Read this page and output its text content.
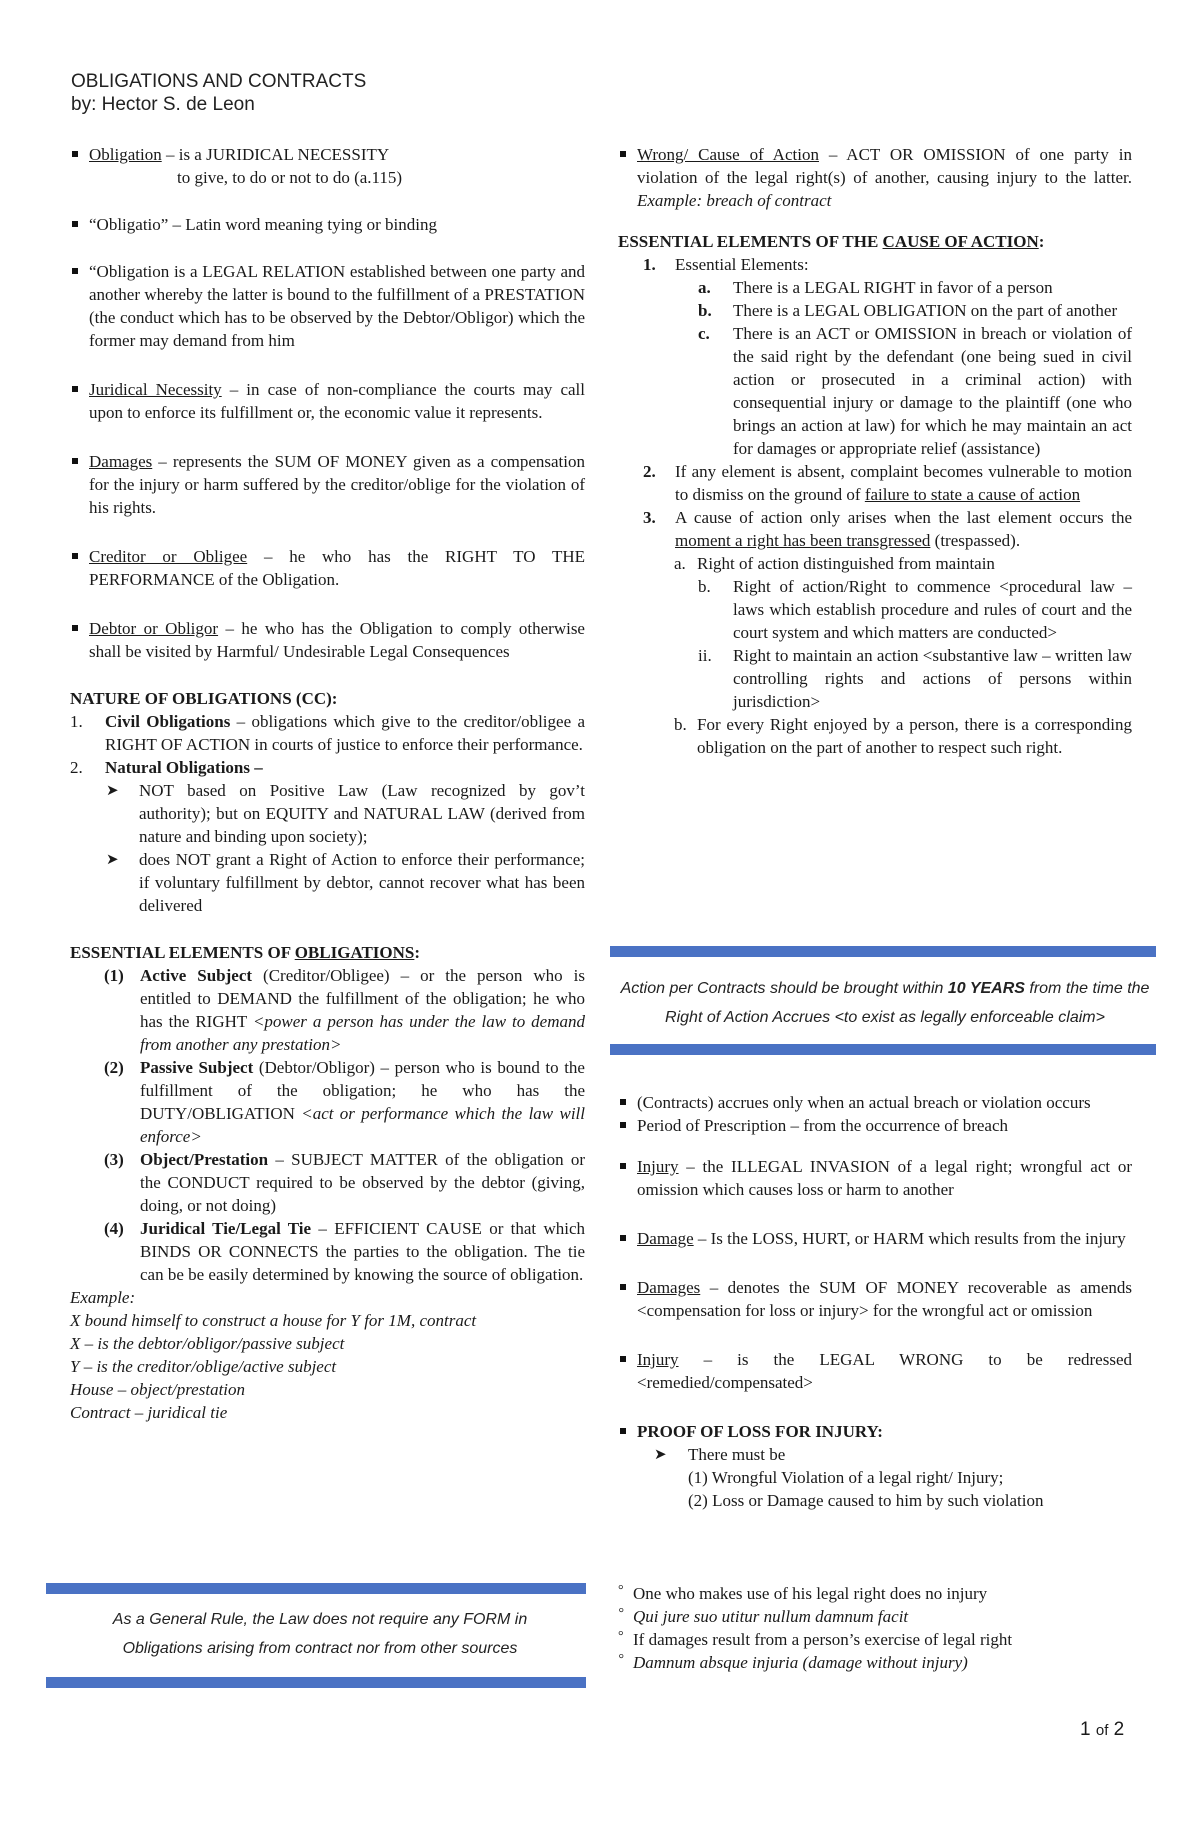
OBLIGATIONS AND CONTRACTS
by: Hector S. de Leon
Obligation – is a JURIDICAL NECESSITY
to give, to do or not to do (a.115)
“Obligatio” – Latin word meaning tying or binding
“Obligation is a LEGAL RELATION established between one party and another whereby the latter is bound to the fulfillment of a PRESTATION (the conduct which has to be observed by the Debtor/Obligor) which the former may demand from him
Juridical Necessity – in case of non-compliance the courts may call upon to enforce its fulfillment or, the economic value it represents.
Damages – represents the SUM OF MONEY given as a compensation for the injury or harm suffered by the creditor/oblige for the violation of his rights.
Creditor or Obligee – he who has the RIGHT TO THE PERFORMANCE of the Obligation.
Debtor or Obligor – he who has the Obligation to comply otherwise shall be visited by Harmful/ Undesirable Legal Consequences
NATURE OF OBLIGATIONS (CC):
1. Civil Obligations – obligations which give to the creditor/obligee a RIGHT OF ACTION in courts of justice to enforce their performance.
2. Natural Obligations –
➤ NOT based on Positive Law (Law recognized by gov’t authority); but on EQUITY and NATURAL LAW (derived from nature and binding upon society);
➤ does NOT grant a Right of Action to enforce their performance; if voluntary fulfillment by debtor, cannot recover what has been delivered
ESSENTIAL ELEMENTS OF OBLIGATIONS:
(1) Active Subject (Creditor/Obligee) – or the person who is entitled to DEMAND the fulfillment of the obligation; he who has the RIGHT <power a person has under the law to demand from another any prestation>
(2) Passive Subject (Debtor/Obligor) – person who is bound to the fulfillment of the obligation; he who has the DUTY/OBLIGATION <act or performance which the law will enforce>
(3) Object/Prestation – SUBJECT MATTER of the obligation or the CONDUCT required to be observed by the debtor (giving, doing, or not doing)
(4) Juridical Tie/Legal Tie – EFFICIENT CAUSE or that which BINDS OR CONNECTS the parties to the obligation. The tie can be be easily determined by knowing the source of obligation.
Example:
X bound himself to construct a house for Y for 1M, contract
X – is the debtor/obligor/passive subject
Y – is the creditor/oblige/active subject
House – object/prestation
Contract – juridical tie
As a General Rule, the Law does not require any FORM in Obligations arising from contract nor from other sources
Wrong/ Cause of Action – ACT OR OMISSION of one party in violation of the legal right(s) of another, causing injury to the latter. Example: breach of contract
ESSENTIAL ELEMENTS OF THE CAUSE OF ACTION:
1. Essential Elements:
a. There is a LEGAL RIGHT in favor of a person
b. There is a LEGAL OBLIGATION on the part of another
c. There is an ACT or OMISSION in breach or violation of the said right by the defendant (one being sued in civil action or prosecuted in a criminal action) with consequential injury or damage to the plaintiff (one who brings an action at law) for which he may maintain an act for damages or appropriate relief (assistance)
2. If any element is absent, complaint becomes vulnerable to motion to dismiss on the ground of failure to state a cause of action
3. A cause of action only arises when the last element occurs the moment a right has been transgressed (trespassed).
a. Right of action distinguished from maintain
b. Right of action/Right to commence <procedural law – laws which establish procedure and rules of court and the court system and which matters are conducted>
ii. Right to maintain an action <substantive law – written law controlling rights and actions of persons within jurisdiction>
b. For every Right enjoyed by a person, there is a corresponding obligation on the part of another to respect such right.
Action per Contracts should be brought within 10 YEARS from the time the Right of Action Accrues <to exist as legally enforceable claim>
(Contracts) accrues only when an actual breach or violation occurs
Period of Prescription – from the occurrence of breach
Injury – the ILLEGAL INVASION of a legal right; wrongful act or omission which causes loss or harm to another
Damage – Is the LOSS, HURT, or HARM which results from the injury
Damages – denotes the SUM OF MONEY recoverable as amends <compensation for loss or injury> for the wrongful act or omission
Injury – is the LEGAL WRONG to be redressed <remedied/compensated>
PROOF OF LOSS FOR INJURY:
➤ There must be
(1) Wrongful Violation of a legal right/ Injury;
(2) Loss or Damage caused to him by such violation
° One who makes use of his legal right does no injury
° Qui jure suo utitur nullum damnum facit
° If damages result from a person’s exercise of legal right
° Damnum absque injuria (damage without injury)
1 of 2
